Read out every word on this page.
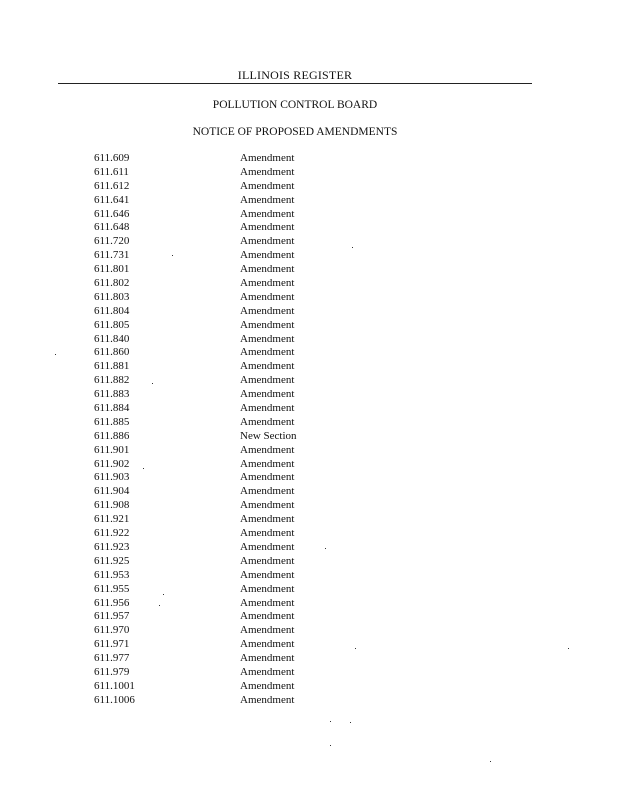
ILLINOIS REGISTER
POLLUTION CONTROL BOARD
NOTICE OF PROPOSED AMENDMENTS
611.609	Amendment
611.611	Amendment
611.612	Amendment
611.641	Amendment
611.646	Amendment
611.648	Amendment
611.720	Amendment
611.731	Amendment
611.801	Amendment
611.802	Amendment
611.803	Amendment
611.804	Amendment
611.805	Amendment
611.840	Amendment
611.860	Amendment
611.881	Amendment
611.882	Amendment
611.883	Amendment
611.884	Amendment
611.885	Amendment
611.886	New Section
611.901	Amendment
611.902	Amendment
611.903	Amendment
611.904	Amendment
611.908	Amendment
611.921	Amendment
611.922	Amendment
611.923	Amendment
611.925	Amendment
611.953	Amendment
611.955	Amendment
611.956	Amendment
611.957	Amendment
611.970	Amendment
611.971	Amendment
611.977	Amendment
611.979	Amendment
611.1001	Amendment
611.1006	Amendment
